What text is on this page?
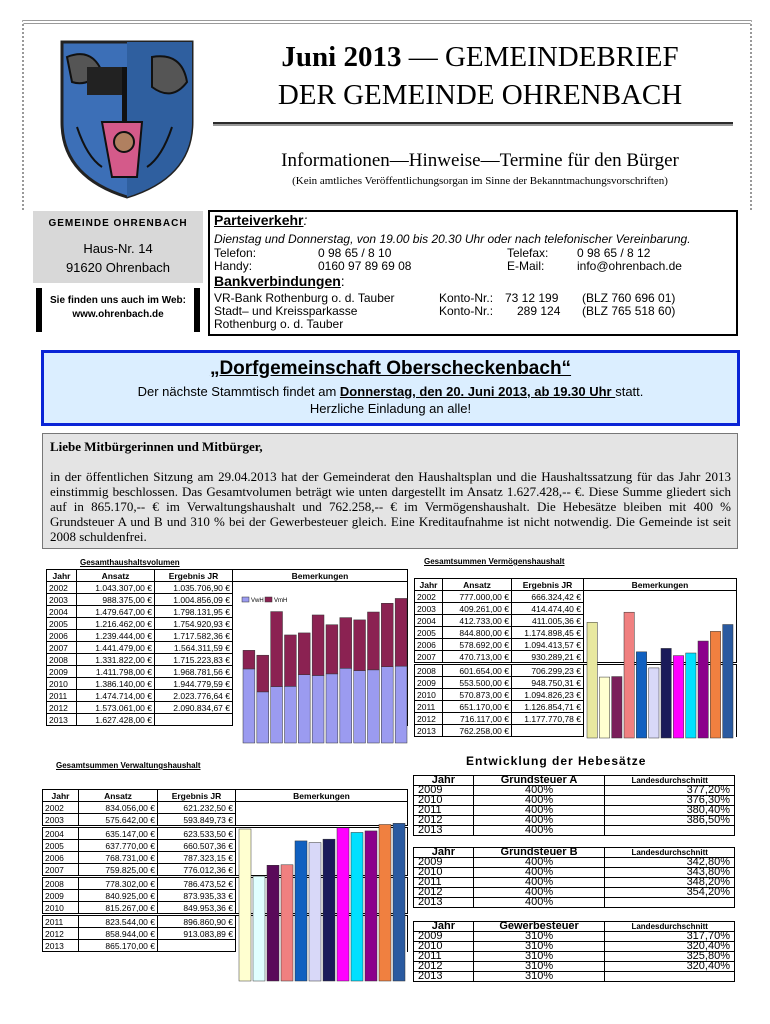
Juni 2013 — GEMEINDEBRIEF
DER GEMEINDE OHRENBACH
Informationen—Hinweise—Termine für den Bürger
(Kein amtliches Veröffentlichungsorgan im Sinne der Bekanntmachungsvorschriften)
GEMEINDE OHRENBACH
Haus-Nr. 14
91620 Ohrenbach
Sie finden uns auch im Web:
www.ohrenbach.de
Parteiverkehr:
Dienstag und Donnerstag, von 19.00 bis 20.30 Uhr oder nach telefonischer Vereinbarung.
Telefon:	0 98 65 / 8 10	Telefax: 0 98 65 / 8 12
Handy:	0160 97 89 69 08	E-Mail:	info@ohrenbach.de
Bankverbindungen:
VR-Bank Rothenburg o. d. Tauber	Konto-Nr.: 73 12 199 (BLZ 760 696 01)
Stadt– und Kreissparkasse	Konto-Nr.: 289 124 (BLZ 765 518 60)
Rothenburg o. d. Tauber
„Dorfgemeinschaft Oberscheckenbach“
Der nächste Stammtisch findet am Donnerstag, den 20. Juni 2013, ab 19.30 Uhr statt.
Herzliche Einladung an alle!
Liebe Mitbürgerinnen und Mitbürger,
in der öffentlichen Sitzung am 29.04.2013 hat der Gemeinderat den Haushaltsplan und die Haushaltssatzung für das Jahr 2013 einstimmig beschlossen. Das Gesamtvolumen beträgt wie unten dargestellt im Ansatz 1.627.428,-- €. Diese Summe gliedert sich auf in 865.170,-- € im Verwaltungshaushalt und 762.258,-- € im Vermögenshaushalt. Die Hebesätze bleiben mit 400 % Grundsteuer A und B und 310 % bei der Gewerbesteuer gleich. Eine Kreditaufnahme ist nicht notwendig. Die Gemeinde ist seit 2008 schuldenfrei.
Gesamthaushaltsvolumen
Jahr	Ansatz	Ergebnis JR	Bemerkungen
2002	1.043.307,00 €	1.035.706,90 €	
2003	988.375,00 €	1.004.856,09 €	
2004	1.479.647,00 €	1.798.131,95 €	
2005	1.216.462,00 €	1.754.920,93 €	
2006	1.239.444,00 €	1.717.582,36 €	
2007	1.441.479,00 €	1.564.311,59 €	
2008	1.331.822,00 €	1.715.223,83 €	
2009	1.411.798,00 €	1.968.781,56 €	
2010	1.386.140,00 €	1.944.779,59 €	
2011	1.474.714,00 €	2.023.776,64 €	
2012	1.573.061,00 €	2.090.834,67 €	
2013	1.627.428,00 €		
VwH VmH
Gesamtsummen Vermögenshaushalt
Jahr	Ansatz	Ergebnis JR	Bemerkungen
2002	777.000,00 €	666.324,42 €	
2003	409.261,00 €	414.474,40 €	
2004	412.733,00 €	411.005,36 €	
2005	844.800,00 €	1.174.898,45 €	
2006	578.692,00 €	1.094.413,57 €	
2007	470.713,00 €	930.289,21 €	

2008	601.654,00 €	706.299,23 €	
2009	553.500,00 €	948.750,31 €	
2010	570.873,00 €	1.094.826,23 €	
2011	651.170,00 €	1.126.854,71 €	
2012	716.117,00 €	1.177.770,78 €	
2013	762.258,00 €		
Gesamtsummen Verwaltungshaushalt
Jahr	Ansatz	Ergebnis JR	Bemerkungen
2002	834.056,00 €	621.232,50 €	
2003	575.642,00 €	593.849,73 €	

2004	635.147,00 €	623.533,50 €	
2005	637.770,00 €	660.507,36 €	
2006	768.731,00 €	787.323,15 €	
2007	759.825,00 €	776.012,36 €	

2008	778.302,00 €	786.473,52 €	
2009	840.925,00 €	873.935,33 €	
2010	815.267,00 €	849.953,36 €	

2011	823.544,00 €	896.860,90 €	
2012	858.944,00 €	913.083,89 €	
2013	865.170,00 €		
Entwicklung der Hebesätze
Jahr	Grundsteuer A	Landesdurchschnitt
2009	400%	377,20%
2010	400%	376,30%
2011	400%	380,40%
2012	400%	386,50%
2013	400%	
Jahr	Grundsteuer B	Landesdurchschnitt
2009	400%	342,80%
2010	400%	343,80%
2011	400%	348,20%
2012	400%	354,20%
2013	400%	
Jahr	Gewerbesteuer	Landesdurchschnitt
2009	310%	317,70%
2010	310%	320,40%
2011	310%	325,80%
2012	310%	320,40%
2013	310%	
